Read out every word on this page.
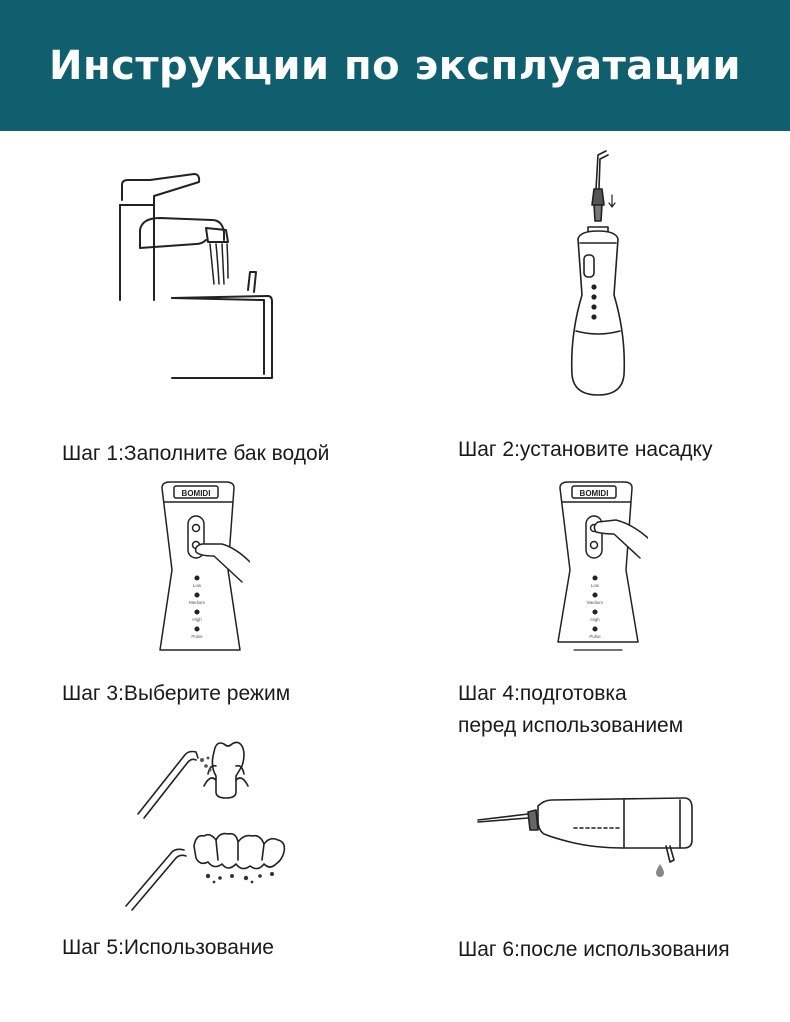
Инструкции по эксплуатации
BOMIDI
Low
Medium
High
Pulse
BOMIDI
Low
Medium
High
Pulse
Шаг 1:Заполните бак водой	Шаг 2:установите насадку
Шаг 3:Выберите режим	Шаг 4:подготовка
перед использованием
Шаг 5:Использование	Шаг 6:после использования
